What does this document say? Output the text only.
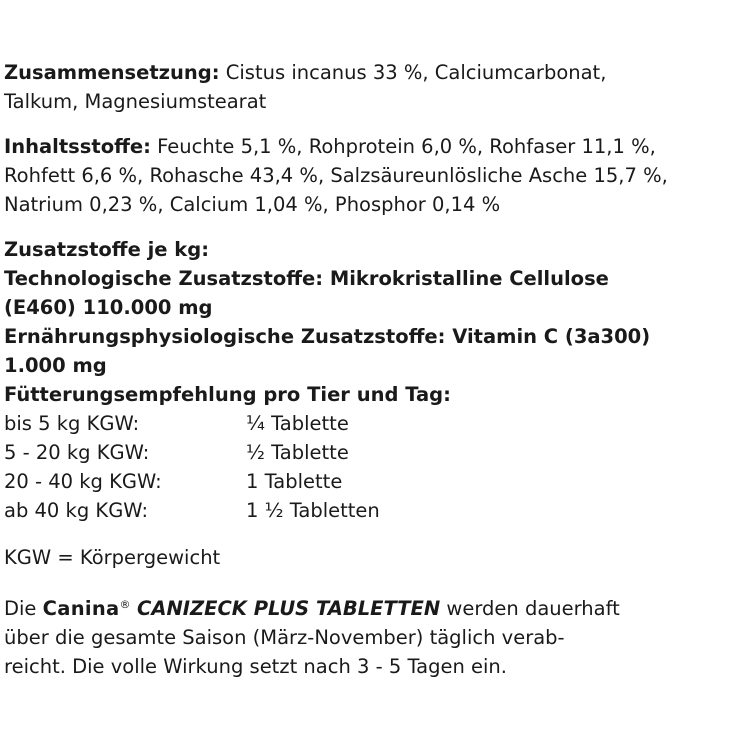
Zusammensetzung: Cistus incanus 33 %, Calciumcarbonat,
Talkum, Magnesiumstearat

Inhaltsstoffe: Feuchte 5,1 %, Rohprotein 6,0 %, Rohfaser 11,1 %,
Rohfett 6,6 %, Rohasche 43,4 %, Salzsäureunlösliche Asche 15,7 %,
Natrium 0,23 %, Calcium 1,04 %, Phosphor 0,14 %

Zusatzstoffe je kg:
Technologische Zusatzstoffe: Mikrokristalline Cellulose
(E460) 110.000 mg
Ernährungsphysiologische Zusatzstoffe: Vitamin C (3a300)
1.000 mg
Fütterungsempfehlung pro Tier und Tag:
bis 5 kg KGW:	¼ Tablette
5 - 20 kg KGW:	½ Tablette
20 - 40 kg KGW:	1 Tablette
ab 40 kg KGW:	1 ½ Tabletten

KGW = Körpergewicht

Die Canina® CANIZECK PLUS TABLETTEN werden dauerhaft
über die gesamte Saison (März-November) täglich verab-
reicht. Die volle Wirkung setzt nach 3 - 5 Tagen ein.
